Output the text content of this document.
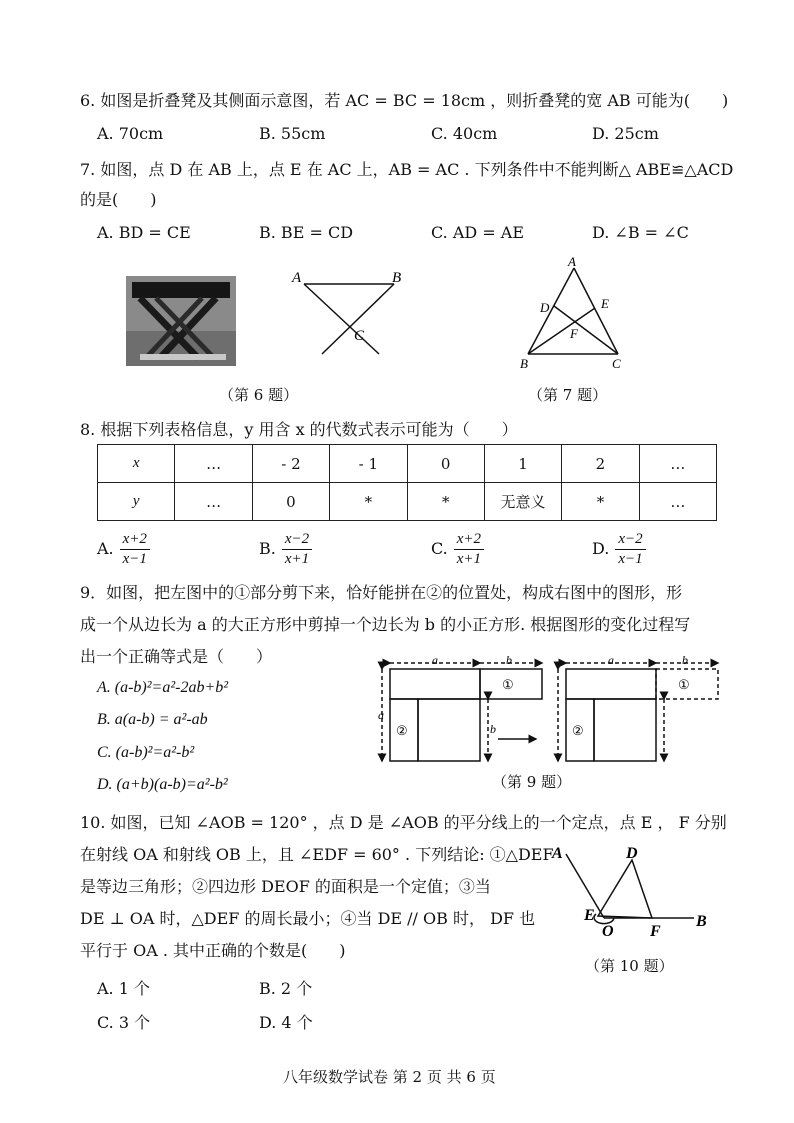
6. 如图是折叠凳及其侧面示意图，若 AC = BC = 18cm ，则折叠凳的宽 AB 可能为(　　)
A. 70cm	B. 55cm	C. 40cm	D. 25cm
7. 如图，点 D 在 AB 上，点 E 在 AC 上，AB = AC . 下列条件中不能判断△ ABE≌△ACD
的是(　　)
A. BD = CE	B. BE = CD	C. AD = AE	D. ∠B = ∠C
A	B
C
A
D	E
F
B	C
（第 6 题）	（第 7 题）
8. 根据下列表格信息，y 用含 x 的代数式表示可能为（　　）
x	…	- 2	- 1	0	1	2	…
y	…	0	*	*	无意义	*	…
A. $\frac{x+2}{x-1}$	B. $\frac{x-2}{x+1}$	C. $\frac{x+2}{x+1}$	D. $\frac{x-2}{x-1}$
9．如图，把左图中的①部分剪下来，恰好能拼在②的位置处，构成右图中的图形，形
成一个从边长为 a 的大正方形中剪掉一个边长为 b 的小正方形. 根据图形的变化过程写
出一个正确等式是（　　）
A. (a-b)²=a²-2ab+b²
B. a(a-b) = a²-ab
C. (a-b)²=a²-b²
D. (a+b)(a-b)=a²-b²
a	b
a
b
①
②
a	b
①
②
（第 9 题）
10. 如图，已知 ∠AOB = 120° ，点 D 是 ∠AOB 的平分线上的一个定点，点 E ， F 分别
在射线 OA 和射线 OB 上，且 ∠EDF = 60° . 下列结论: ①△DEF
是等边三角形；②四边形 DEOF 的面积是一个定值；③当
DE ⊥ OA 时，△DEF 的周长最小；④当 DE // OB 时， DF 也
平行于 OA . 其中正确的个数是(　　)
A. 1 个	B. 2 个
C. 3 个	D. 4 个
A	D
E
O F
B
（第 10 题）
八年级数学试卷 第 2 页 共 6 页
